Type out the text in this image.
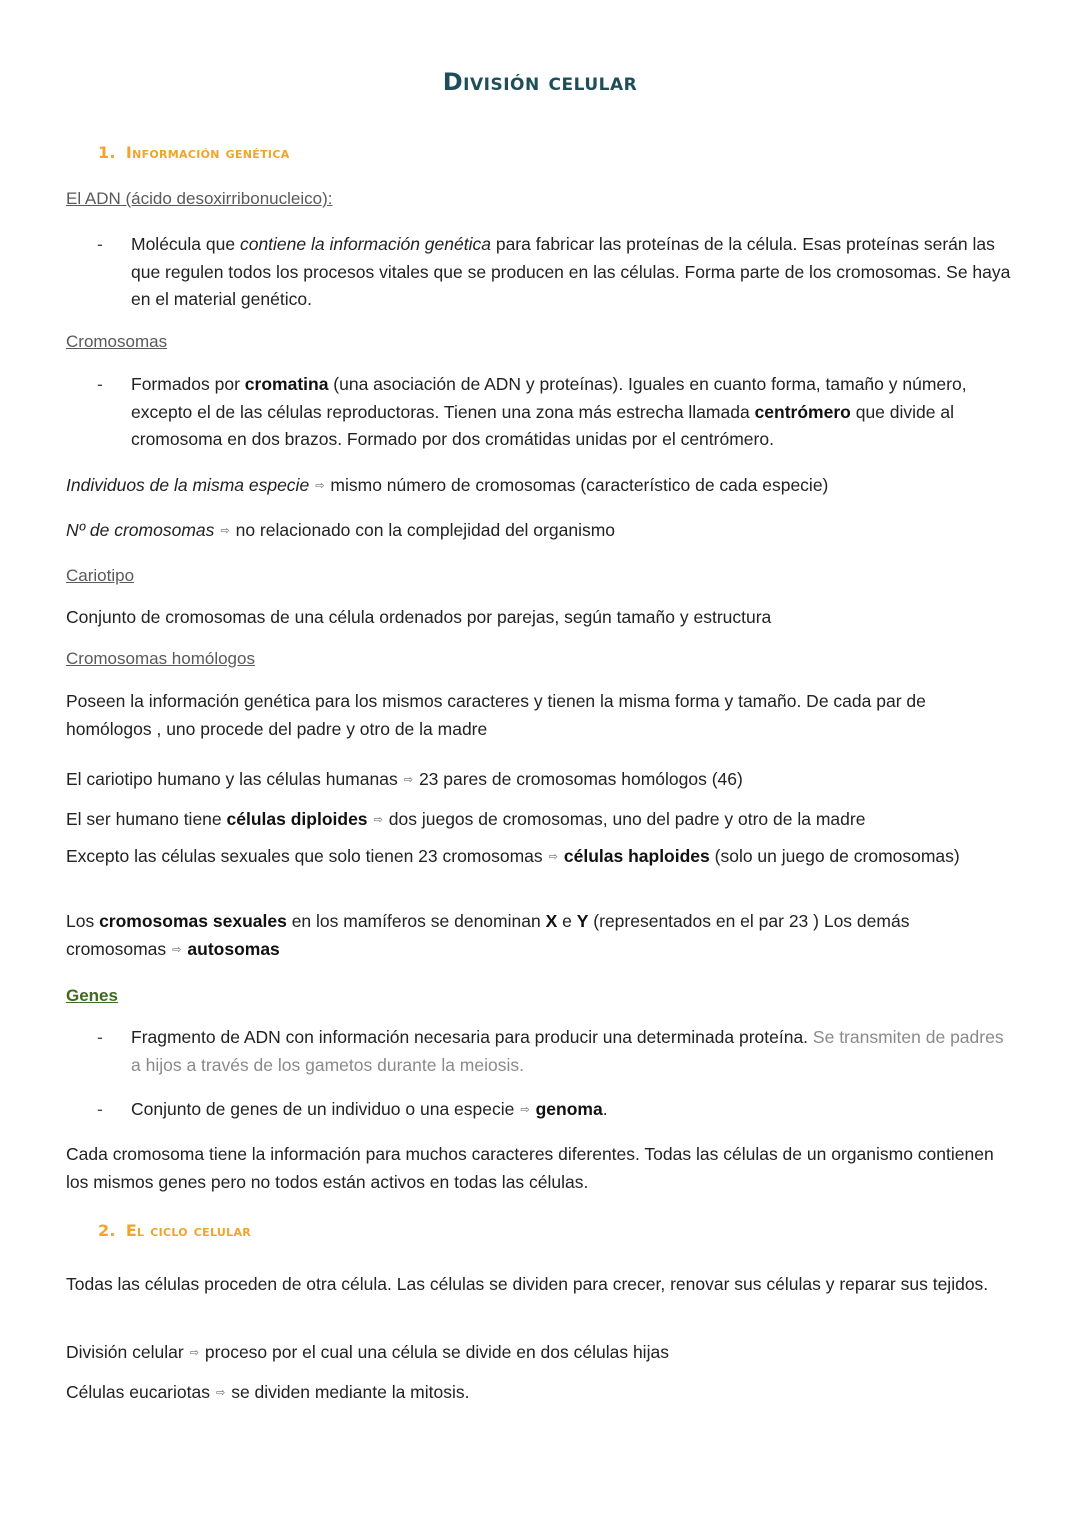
División celular
1. Información genética
El ADN (ácido desoxirribonucleico):
-	Molécula que contiene la información genética para fabricar las proteínas de la célula. Esas proteínas serán las que regulen todos los procesos vitales que se producen en las células. Forma parte de los cromosomas. Se haya en el material genético.
Cromosomas
-	Formados por cromatina (una asociación de ADN y proteínas). Iguales en cuanto forma, tamaño y número, excepto el de las células reproductoras. Tienen una zona más estrecha llamada centrómero que divide al cromosoma en dos brazos. Formado por dos cromátidas unidas por el centrómero.
Individuos de la misma especie ⇨ mismo número de cromosomas (característico de cada especie)
Nº de cromosomas ⇨ no relacionado con la complejidad del organismo
Cariotipo
Conjunto de cromosomas de una célula ordenados por parejas, según tamaño y estructura
Cromosomas homólogos
Poseen la información genética para los mismos caracteres y tienen la misma forma y tamaño. De cada par de homólogos , uno procede del padre y otro de la madre
El cariotipo humano y las células humanas ⇨ 23 pares de cromosomas homólogos (46)
El ser humano tiene células diploides ⇨ dos juegos de cromosomas, uno del padre y otro de la madre
Excepto las células sexuales que solo tienen 23 cromosomas ⇨ células haploides (solo un juego de cromosomas)
Los cromosomas sexuales en los mamíferos se denominan X e Y (representados en el par 23 ) Los demás cromosomas ⇨ autosomas
Genes
-	Fragmento de ADN con información necesaria para producir una determinada proteína. Se transmiten de padres a hijos a través de los gametos durante la meiosis.
-	Conjunto de genes de un individuo o una especie ⇨ genoma.
Cada cromosoma tiene la información para muchos caracteres diferentes. Todas las células de un organismo contienen los mismos genes pero no todos están activos en todas las células.
2. El ciclo celular
Todas las células proceden de otra célula. Las células se dividen para crecer, renovar sus células y reparar sus tejidos.
División celular ⇨ proceso por el cual una célula se divide en dos células hijas
Células eucariotas ⇨ se dividen mediante la mitosis.
